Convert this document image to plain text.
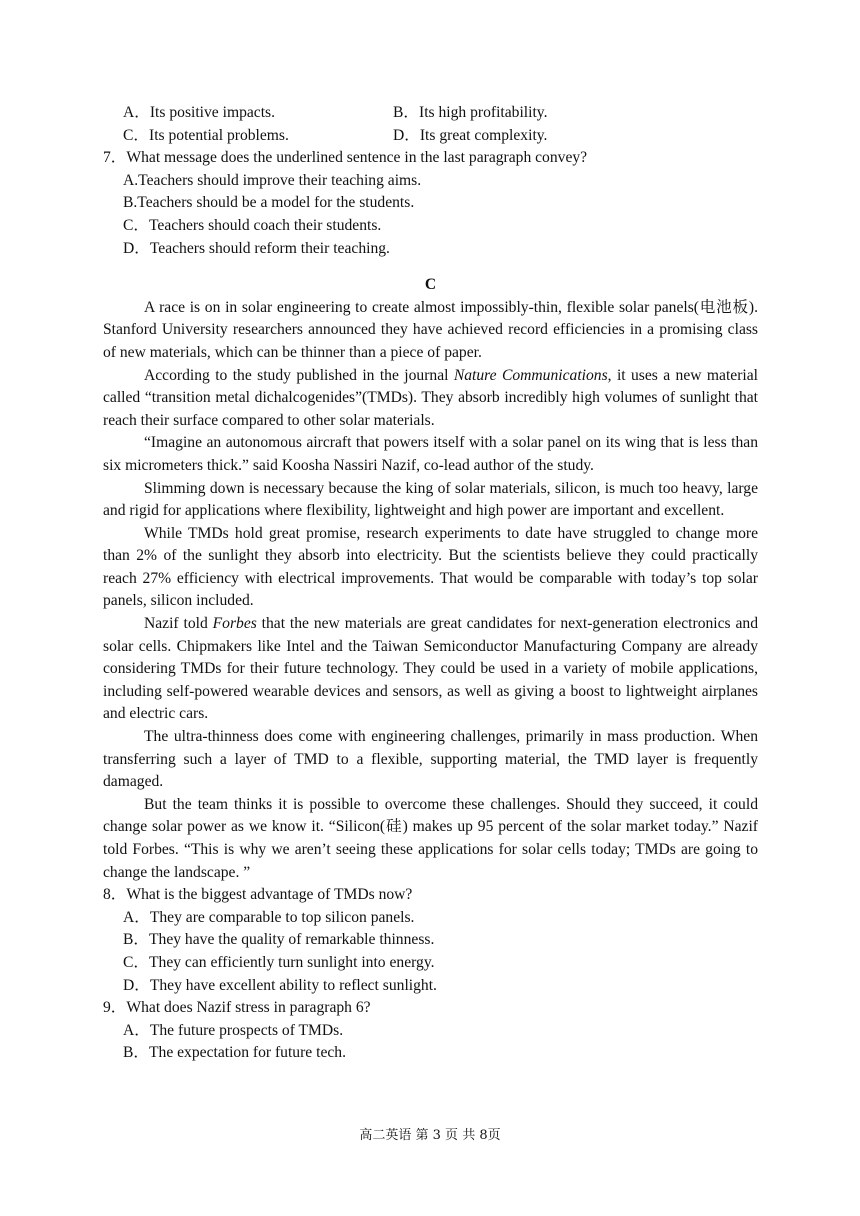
A．Its positive impacts.	B．Its high profitability.
C．Its potential problems.	D．Its great complexity.

7．What message does the underlined sentence in the last paragraph convey?

A.Teachers should improve their teaching aims.

B.Teachers should be a model for the students.

C．Teachers should coach their students.

D．Teachers should reform their teaching.

C

A race is on in solar engineering to create almost impossibly-thin, flexible solar panels(电池板). Stanford University researchers announced they have achieved record efficiencies in a promising class of new materials, which can be thinner than a piece of paper.

According to the study published in the journal Nature Communications, it uses a new material called “transition metal dichalcogenides”(TMDs). They absorb incredibly high volumes of sunlight that reach their surface compared to other solar materials.

“Imagine an autonomous aircraft that powers itself with a solar panel on its wing that is less than six micrometers thick.” said Koosha Nassiri Nazif, co-lead author of the study.

Slimming down is necessary because the king of solar materials, silicon, is much too heavy, large and rigid for applications where flexibility, lightweight and high power are important and excellent.

While TMDs hold great promise, research experiments to date have struggled to change more than 2% of the sunlight they absorb into electricity. But the scientists believe they could practically reach 27% efficiency with electrical improvements. That would be comparable with today’s top solar panels, silicon included.

Nazif told Forbes that the new materials are great candidates for next-generation electronics and solar cells. Chipmakers like Intel and the Taiwan Semiconductor Manufacturing Company are already considering TMDs for their future technology. They could be used in a variety of mobile applications, including self-powered wearable devices and sensors, as well as giving a boost to lightweight airplanes and electric cars.

The ultra-thinness does come with engineering challenges, primarily in mass production. When transferring such a layer of TMD to a flexible, supporting material, the TMD layer is frequently damaged.

But the team thinks it is possible to overcome these challenges. Should they succeed, it could change solar power as we know it. “Silicon(硅) makes up 95 percent of the solar market today.” Nazif told Forbes. “This is why we aren’t seeing these applications for solar cells today; TMDs are going to change the landscape. ”

8．What is the biggest advantage of TMDs now?

A．They are comparable to top silicon panels.

B．They have the quality of remarkable thinness.

C．They can efficiently turn sunlight into energy.

D．They have excellent ability to reflect sunlight.

9．What does Nazif stress in paragraph 6?

A．The future prospects of TMDs.

B．The expectation for future tech.

高二英语 第 3 页 共 8页
